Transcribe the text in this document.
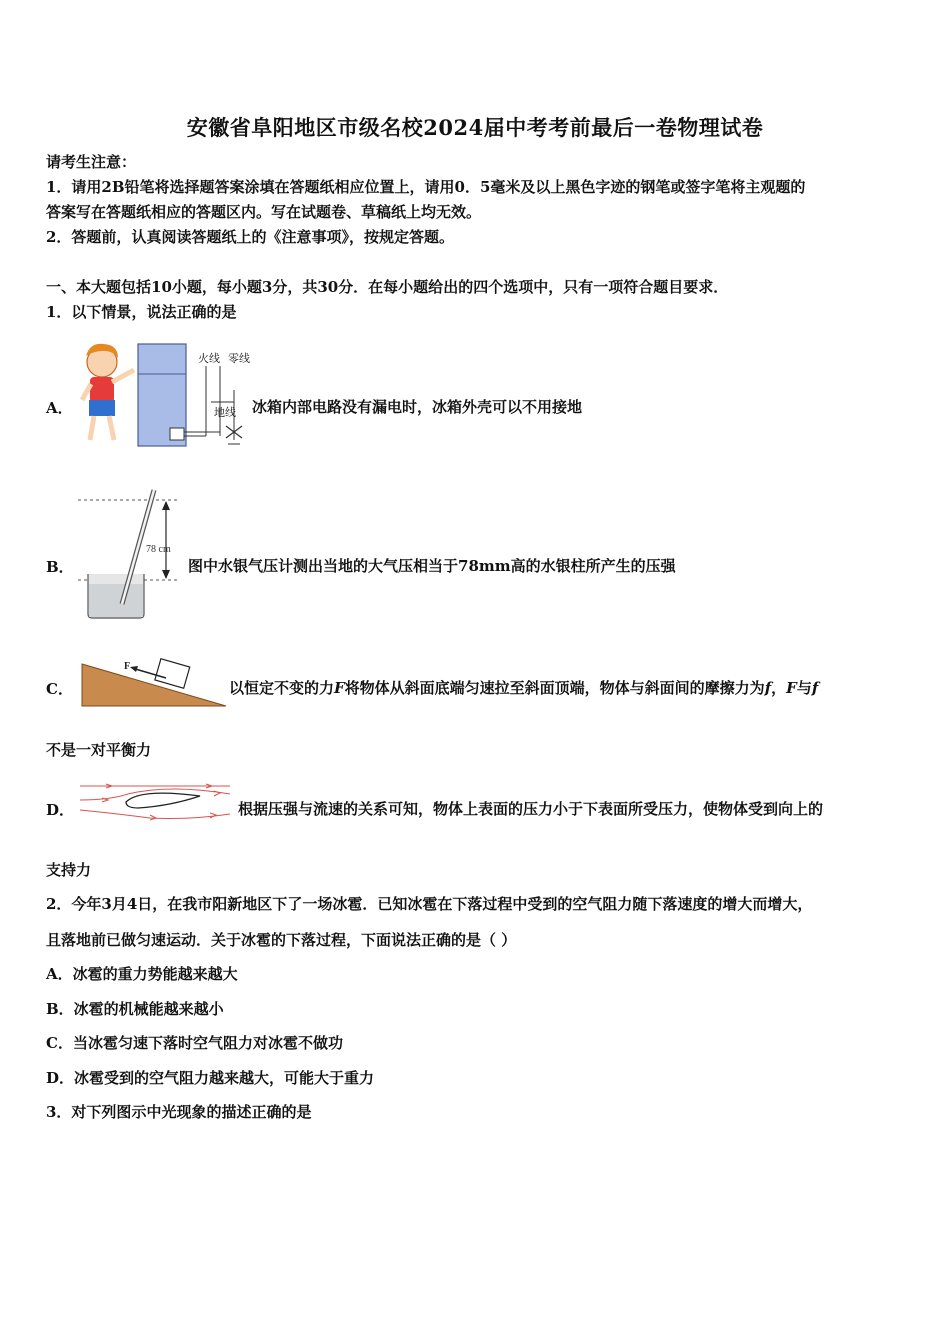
安徽省阜阳地区市级名校2024届中考考前最后一卷物理试卷
请考生注意：
1．请用2B铅笔将选择题答案涂填在答题纸相应位置上，请用0．5毫米及以上黑色字迹的钢笔或签字笔将主观题的
答案写在答题纸相应的答题区内。写在试题卷、草稿纸上均无效。
2．答题前，认真阅读答题纸上的《注意事项》，按规定答题。
一、本大题包括10小题，每小题3分，共30分．在每小题给出的四个选项中，只有一项符合题目要求．
1．以下情景，说法正确的是
A．
火线 零线
地线 冰箱内部电路没有漏电时，冰箱外壳可以不用接地
B．
78 cm
图中水银气压计测出当地的大气压相当于78mm高的水银柱所产生的压强
C．
F
以恒定不变的力F将物体从斜面底端匀速拉至斜面顶端，物体与斜面间的摩擦力为f，F与f
不是一对平衡力
D．	根据压强与流速的关系可知，物体上表面的压力小于下表面所受压力，使物体受到向上的
支持力
2．今年3月4日，在我市阳新地区下了一场冰雹．已知冰雹在下落过程中受到的空气阻力随下落速度的增大而增大，
且落地前已做匀速运动．关于冰雹的下落过程，下面说法正确的是（ ）
A．冰雹的重力势能越来越大
B．冰雹的机械能越来越小
C．当冰雹匀速下落时空气阻力对冰雹不做功
D．冰雹受到的空气阻力越来越大，可能大于重力
3．对下列图示中光现象的描述正确的是
